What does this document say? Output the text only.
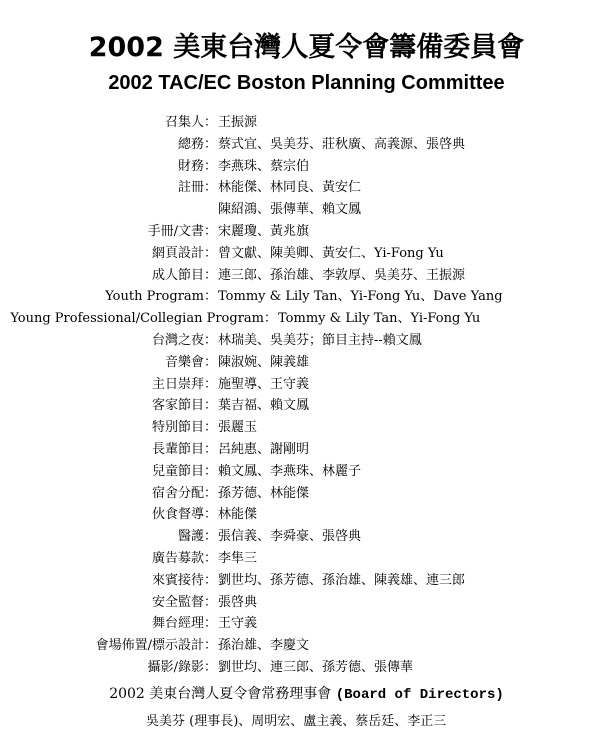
2002 美東台灣人夏令會籌備委員會
2002 TAC/EC Boston Planning Committee
召集人： 王振源
總務： 蔡式宜、吳美芬、莊秋廣、高義源、張啓典
財務： 李燕珠、蔡宗伯
註冊： 林能傑、林同良、黃安仁
陳紹鴻、張傳華、賴文鳳
手冊/文書： 宋麗瓊、黃兆旗
網頁設計： 曾文獻、陳美卿、黃安仁、Yi-Fong Yu
成人節目： 連三郎、孫治雄、李敦厚、吳美芬、王振源
Youth Program： Tommy & Lily Tan、Yi-Fong Yu、Dave Yang
Young Professional/Collegian Program： Tommy & Lily Tan、Yi-Fong Yu
台灣之夜： 林瑞美、吳美芬；節目主持--賴文鳳
音樂會： 陳淑婉、陳義雄
主日崇拜： 施聖導、王守義
客家節目： 葉吉福、賴文鳳
特別節目： 張麗玉
長輩節目： 呂純惠、謝剛明
兒童節目： 賴文鳳、李燕珠、林麗子
宿舍分配： 孫芳德、林能傑
伙食督導： 林能傑
醫護： 張信義、李舜豪、張啓典
廣告募款： 李隼三
來賓接待： 劉世均、孫芳德、孫治雄、陳義雄、連三郎
安全監督： 張啓典
舞台經理： 王守義
會場佈置/標示設計： 孫治雄、李慶文
攝影/錄影： 劉世均、連三郎、孫芳德、張傳華
2002 美東台灣人夏令會常務理事會 (Board of Directors)
吳美芬 (理事長)、周明宏、盧主義、蔡岳廷、李正三
